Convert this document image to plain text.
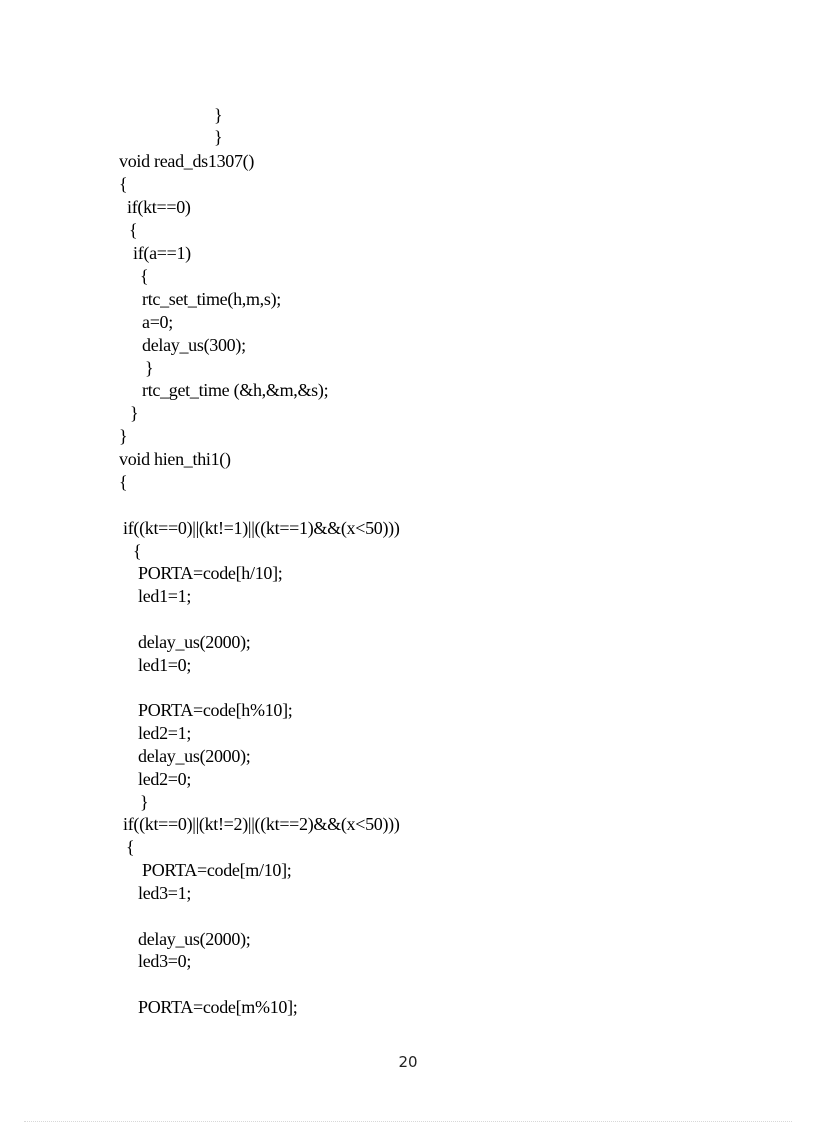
}
}
void read_ds1307()
{
if(kt==0)
{
if(a==1)
{
rtc_set_time(h,m,s);
a=0;
delay_us(300);
}
rtc_get_time (&h,&m,&s);
}
}
void hien_thi1()
{
if((kt==0)||(kt!=1)||((kt==1)&&(x<50)))
{
PORTA=code[h/10];
led1=1;
delay_us(2000);
led1=0;
PORTA=code[h%10];
led2=1;
delay_us(2000);
led2=0;
}
if((kt==0)||(kt!=2)||((kt==2)&&(x<50)))
{
PORTA=code[m/10];
led3=1;
delay_us(2000);
led3=0;
PORTA=code[m%10];
20
